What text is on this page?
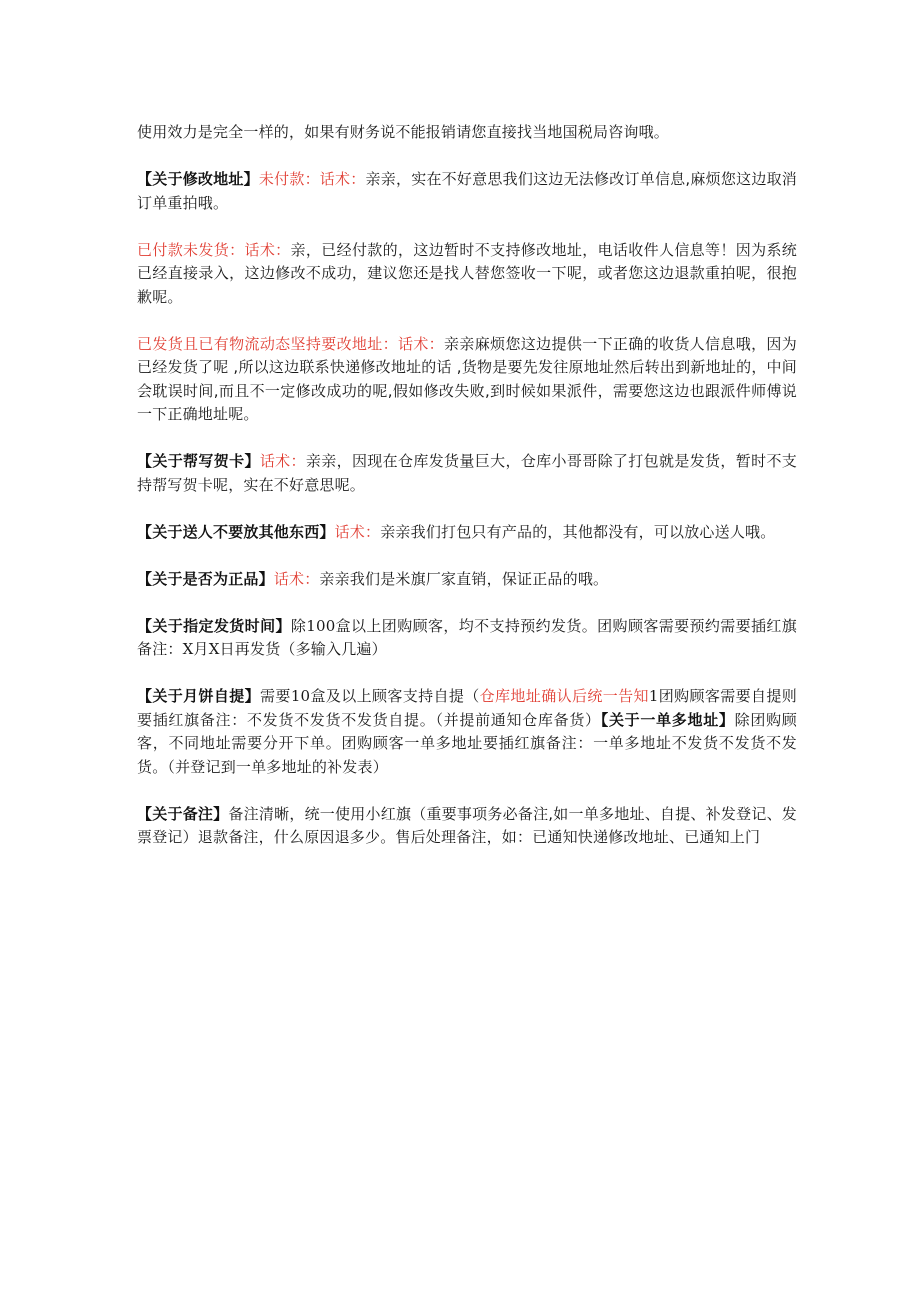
使用效力是完全一样的，如果有财务说不能报销请您直接找当地国税局咨询哦。

【关于修改地址】未付款：话术：亲亲，实在不好意思我们这边无法修改订单信息,麻烦您这边取消订单重拍哦。

已付款未发货：话术：亲，已经付款的，这边暂时不支持修改地址，电话收件人信息等！因为系统已经直接录入，这边修改不成功，建议您还是找人替您签收一下呢，或者您这边退款重拍呢，很抱歉呢。

已发货且已有物流动态坚持要改地址：话术：亲亲麻烦您这边提供一下正确的收货人信息哦，因为已经发货了呢 ,所以这边联系快递修改地址的话 ,货物是要先发往原地址然后转出到新地址的，中间会耽误时间,而且不一定修改成功的呢,假如修改失败,到时候如果派件，需要您这边也跟派件师傅说一下正确地址呢。

【关于帮写贺卡】话术：亲亲，因现在仓库发货量巨大，仓库小哥哥除了打包就是发货，暂时不支持帮写贺卡呢，实在不好意思呢。

【关于送人不要放其他东西】话术：亲亲我们打包只有产品的，其他都没有，可以放心送人哦。

【关于是否为正品】话术：亲亲我们是米旗厂家直销，保证正品的哦。

【关于指定发货时间】除100盒以上团购顾客，均不支持预约发货。团购顾客需要预约需要插红旗备注：X月X日再发货（多输入几遍）

【关于月饼自提】需要10盒及以上顾客支持自提（仓库地址确认后统一告知1团购顾客需要自提则要插红旗备注：不发货不发货不发货自提。（并提前通知仓库备货）【关于一单多地址】除团购顾客，不同地址需要分开下单。团购顾客一单多地址要插红旗备注：一单多地址不发货不发货不发货。（并登记到一单多地址的补发表）

【关于备注】备注清晰，统一使用小红旗（重要事项务必备注,如一单多地址、自提、补发登记、发票登记）退款备注，什么原因退多少。售后处理备注，如：已通知快递修改地址、已通知上门
